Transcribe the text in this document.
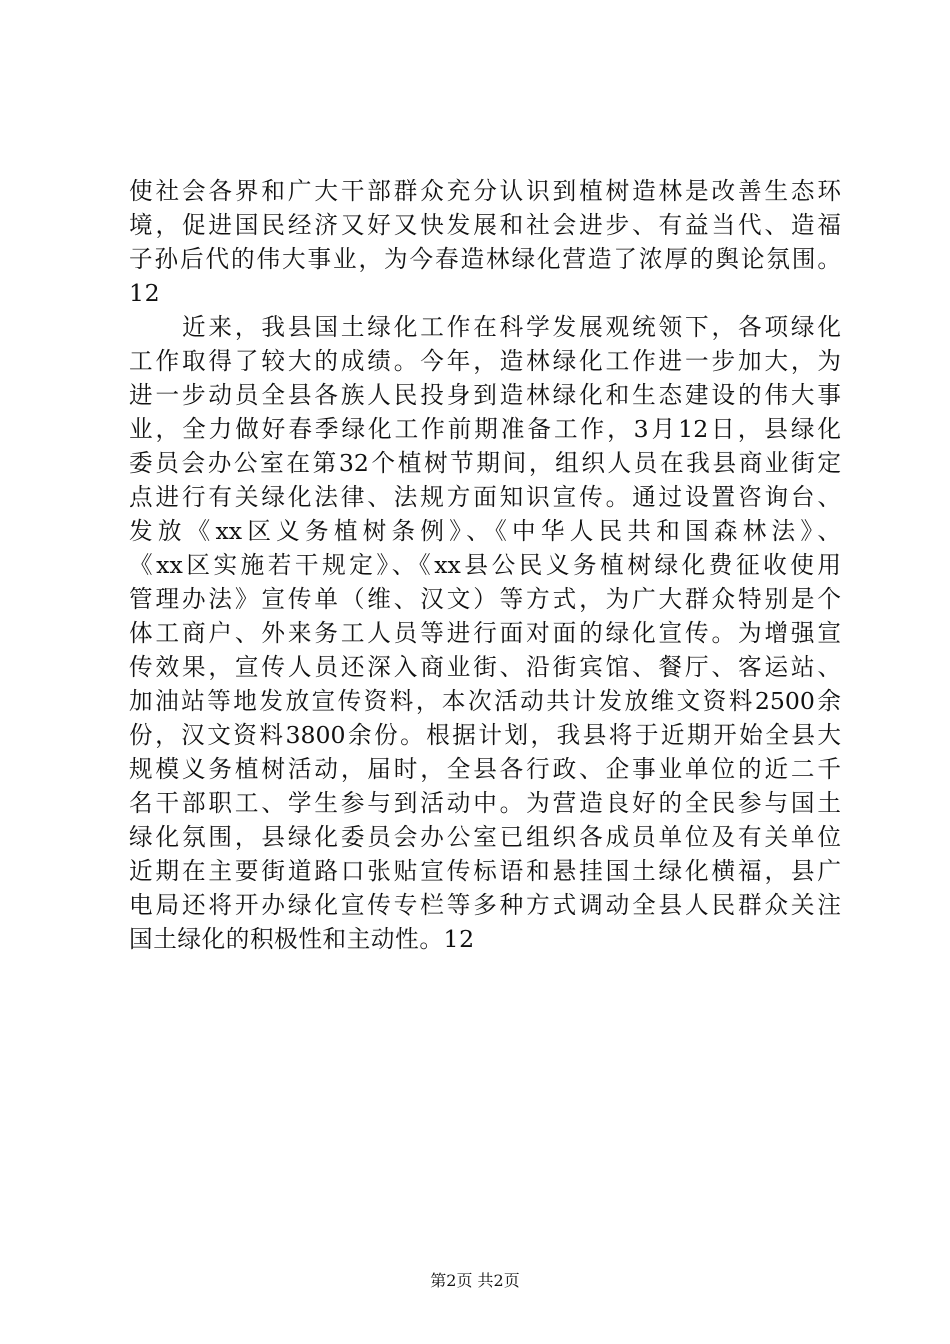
使社会各界和广大干部群众充分认识到植树造林是改善生态环
境，促进国民经济又好又快发展和社会进步、有益当代、造福
子孙后代的伟大事业，为今春造林绿化营造了浓厚的舆论氛围。
12
　　近来，我县国土绿化工作在科学发展观统领下，各项绿化
工作取得了较大的成绩。今年，造林绿化工作进一步加大，为
进一步动员全县各族人民投身到造林绿化和生态建设的伟大事
业，全力做好春季绿化工作前期准备工作，3月12日，县绿化
委员会办公室在第32个植树节期间，组织人员在我县商业街定
点进行有关绿化法律、法规方面知识宣传。通过设置咨询台、
发放《xx区义务植树条例》、《中华人民共和国森林法》、
《xx区实施若干规定》、《xx县公民义务植树绿化费征收使用
管理办法》宣传单（维、汉文）等方式，为广大群众特别是个
体工商户、外来务工人员等进行面对面的绿化宣传。为增强宣
传效果，宣传人员还深入商业街、沿街宾馆、餐厅、客运站、
加油站等地发放宣传资料，本次活动共计发放维文资料2500余
份，汉文资料3800余份。根据计划，我县将于近期开始全县大
规模义务植树活动，届时，全县各行政、企事业单位的近二千
名干部职工、学生参与到活动中。为营造良好的全民参与国土
绿化氛围，县绿化委员会办公室已组织各成员单位及有关单位
近期在主要街道路口张贴宣传标语和悬挂国土绿化横福，县广
电局还将开办绿化宣传专栏等多种方式调动全县人民群众关注
国土绿化的积极性和主动性。12
第2页 共2页
